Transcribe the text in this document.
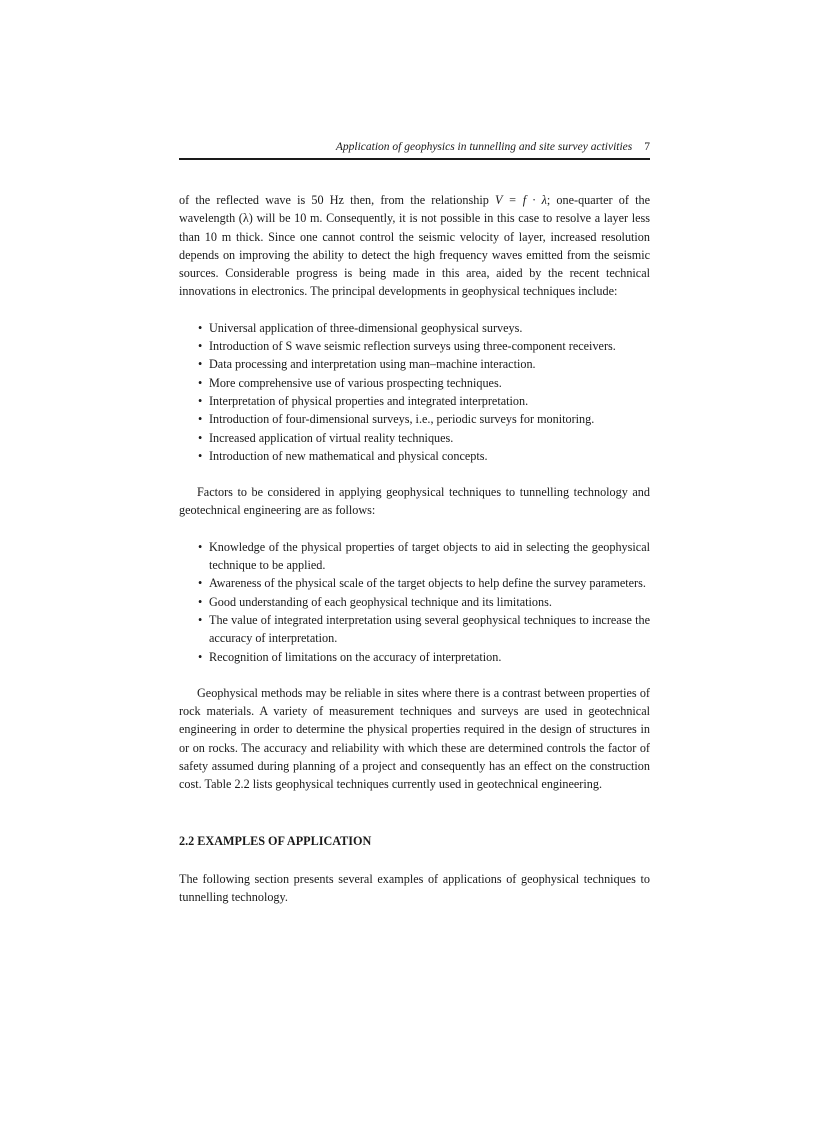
Application of geophysics in tunnelling and site survey activities 7

of the reflected wave is 50 Hz then, from the relationship V = f · λ; one-quarter of the wavelength (λ) will be 10 m. Consequently, it is not possible in this case to resolve a layer less than 10 m thick. Since one cannot control the seismic velocity of layer, increased resolution depends on improving the ability to detect the high frequency waves emitted from the seismic sources. Considerable progress is being made in this area, aided by the recent technical innovations in electronics. The principal developments in geophysical techniques include:

• Universal application of three-dimensional geophysical surveys.
• Introduction of S wave seismic reflection surveys using three-component receivers.
• Data processing and interpretation using man–machine interaction.
• More comprehensive use of various prospecting techniques.
• Interpretation of physical properties and integrated interpretation.
• Introduction of four-dimensional surveys, i.e., periodic surveys for monitoring.
• Increased application of virtual reality techniques.
• Introduction of new mathematical and physical concepts.

Factors to be considered in applying geophysical techniques to tunnelling technology and geotechnical engineering are as follows:

• Knowledge of the physical properties of target objects to aid in selecting the geophysical technique to be applied.
• Awareness of the physical scale of the target objects to help define the survey parameters.
• Good understanding of each geophysical technique and its limitations.
• The value of integrated interpretation using several geophysical techniques to increase the accuracy of interpretation.
• Recognition of limitations on the accuracy of interpretation.

Geophysical methods may be reliable in sites where there is a contrast between properties of rock materials. A variety of measurement techniques and surveys are used in geotechnical engineering in order to determine the physical properties required in the design of structures in or on rocks. The accuracy and reliability with which these are determined controls the factor of safety assumed during planning of a project and consequently has an effect on the construction cost. Table 2.2 lists geophysical techniques currently used in geotechnical engineering.

2.2 EXAMPLES OF APPLICATION

The following section presents several examples of applications of geophysical techniques to tunnelling technology.
